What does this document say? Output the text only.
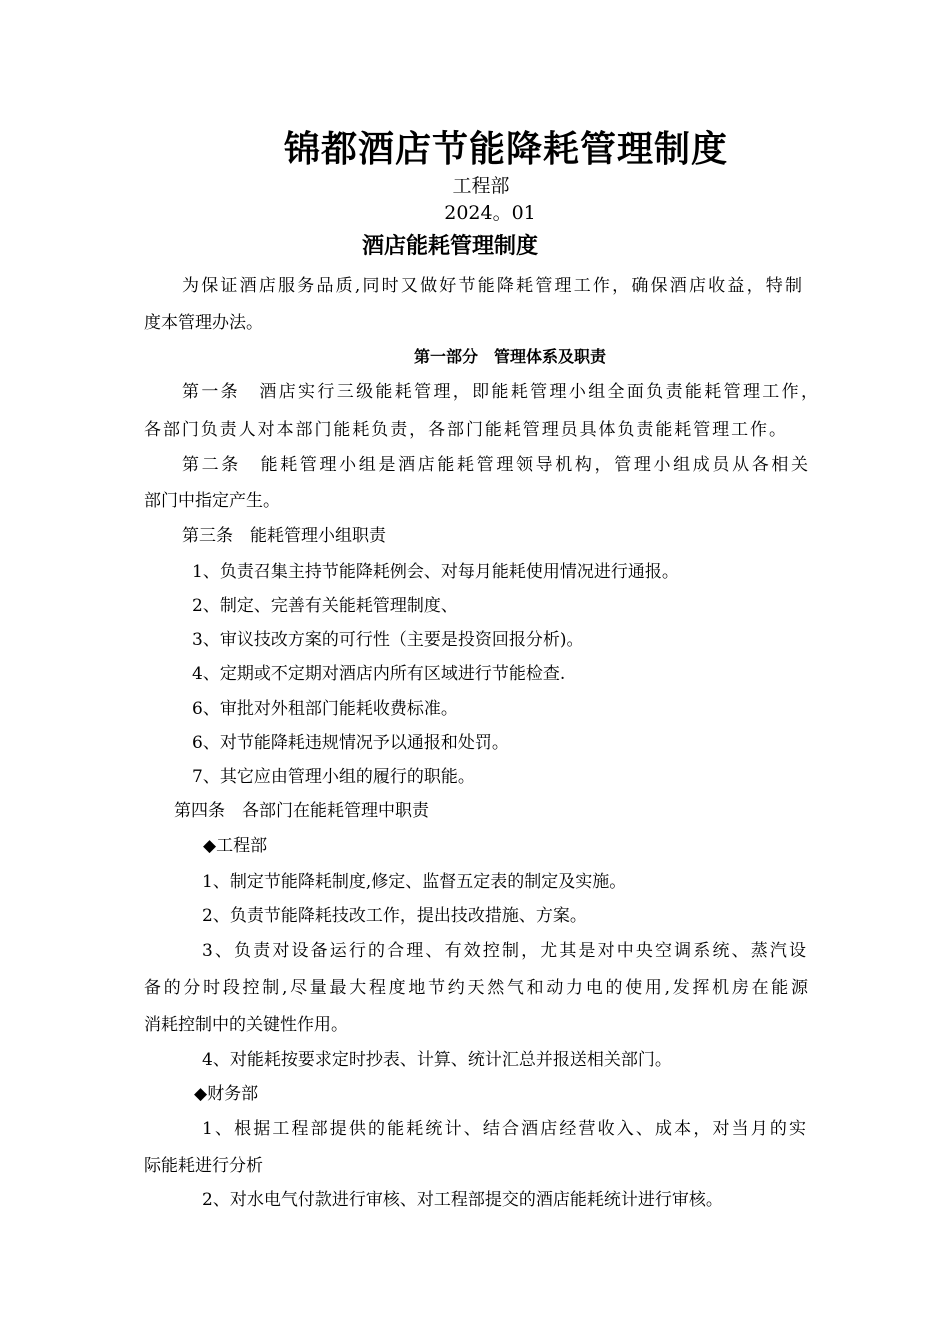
锦都酒店节能降耗管理制度
工程部
2024。01
酒店能耗管理制度
为保证酒店服务品质,同时又做好节能降耗管理工作，确保酒店收益，特制
度本管理办法。
第一部分　管理体系及职责
第一条　酒店实行三级能耗管理，即能耗管理小组全面负责能耗管理工作，
各部门负责人对本部门能耗负责，各部门能耗管理员具体负责能耗管理工作。
第二条　能耗管理小组是酒店能耗管理领导机构，管理小组成员从各相关
部门中指定产生。
第三条　能耗管理小组职责
1、负责召集主持节能降耗例会、对每月能耗使用情况进行通报。
2、制定、完善有关能耗管理制度、
3、审议技改方案的可行性（主要是投资回报分析)。
4、定期或不定期对酒店内所有区域进行节能检查.
6、审批对外租部门能耗收费标准。
6、对节能降耗违规情况予以通报和处罚。
7、其它应由管理小组的履行的职能。
第四条　各部门在能耗管理中职责
◆工程部
1、制定节能降耗制度,修定、监督五定表的制定及实施。
2、负责节能降耗技改工作，提出技改措施、方案。
3、负责对设备运行的合理、有效控制，尤其是对中央空调系统、蒸汽设
备的分时段控制,尽量最大程度地节约天然气和动力电的使用,发挥机房在能源
消耗控制中的关键性作用。
4、对能耗按要求定时抄表、计算、统计汇总并报送相关部门。
◆财务部
1、根据工程部提供的能耗统计、结合酒店经营收入、成本，对当月的实
际能耗进行分析
2、对水电气付款进行审核、对工程部提交的酒店能耗统计进行审核。
